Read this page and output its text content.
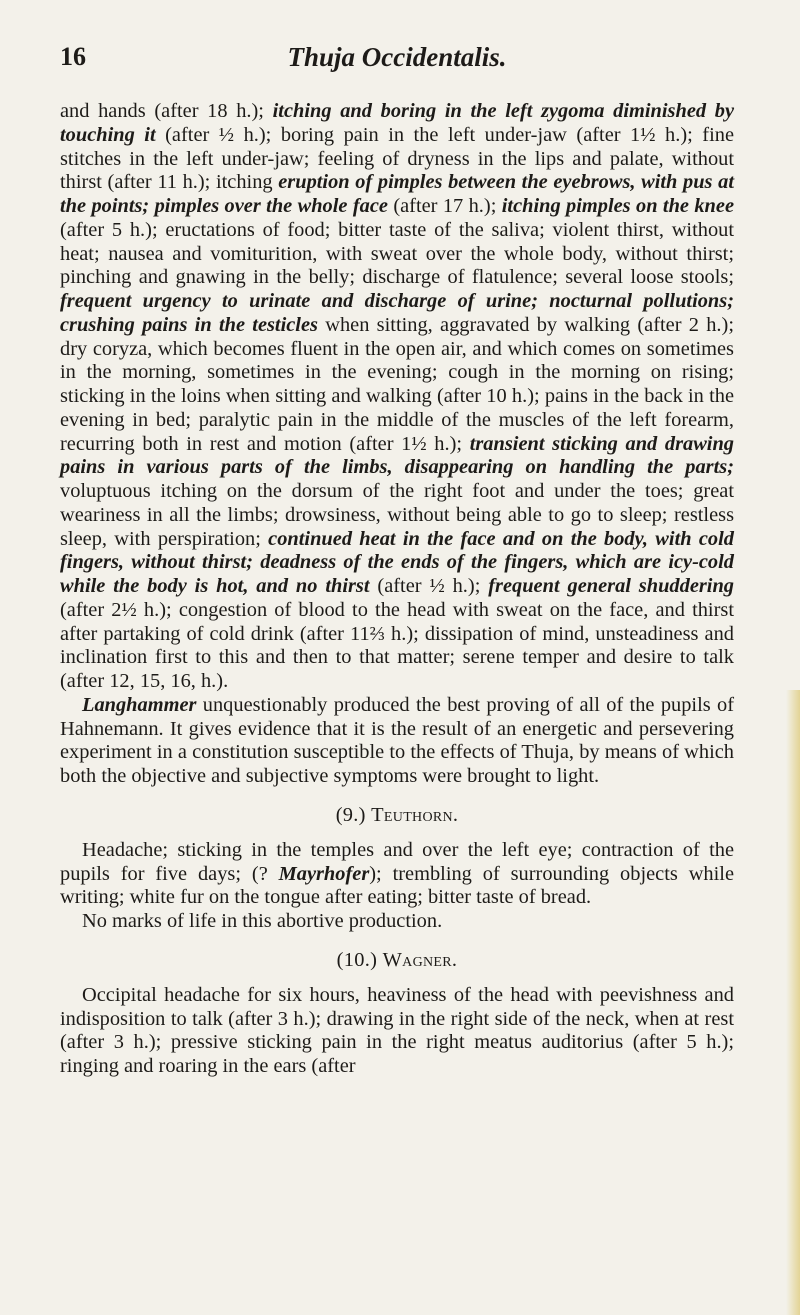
16	Thuja Occidentalis.

and hands (after 18 h.); itching and boring in the left zygoma diminished by touching it (after ½ h.); boring pain in the left under-jaw (after 1½ h.); fine stitches in the left under-jaw; feeling of dryness in the lips and palate, without thirst (after 11 h.); itching eruption of pimples between the eyebrows, with pus at the points; pimples over the whole face (after 17 h.); itching pimples on the knee (after 5 h.); eructations of food; bitter taste of the saliva; violent thirst, without heat; nausea and vomiturition, with sweat over the whole body, without thirst; pinching and gnawing in the belly; discharge of flatulence; several loose stools; frequent urgency to urinate and discharge of urine; nocturnal pollutions; crushing pains in the testicles when sitting, aggravated by walking (after 2 h.); dry coryza, which becomes fluent in the open air, and which comes on sometimes in the morning, sometimes in the evening; cough in the morning on rising; sticking in the loins when sitting and walking (after 10 h.); pains in the back in the evening in bed; paralytic pain in the middle of the muscles of the left forearm, recurring both in rest and motion (after 1½ h.); transient sticking and drawing pains in various parts of the limbs, disappearing on handling the parts; voluptuous itching on the dorsum of the right foot and under the toes; great weariness in all the limbs; drowsiness, without being able to go to sleep; restless sleep, with perspiration; continued heat in the face and on the body, with cold fingers, without thirst; deadness of the ends of the fingers, which are icy-cold while the body is hot, and no thirst (after ½ h.); frequent general shuddering (after 2½ h.); congestion of blood to the head with sweat on the face, and thirst after partaking of cold drink (after 11⅔ h.); dissipation of mind, unsteadiness and inclination first to this and then to that matter; serene temper and desire to talk (after 12, 15, 16, h.).

Langhammer unquestionably produced the best proving of all of the pupils of Hahnemann. It gives evidence that it is the result of an energetic and persevering experiment in a constitution susceptible to the effects of Thuja, by means of which both the objective and subjective symptoms were brought to light.

(9.) Teuthorn.

Headache; sticking in the temples and over the left eye; contraction of the pupils for five days; (? Mayrhofer); trembling of surrounding objects while writing; white fur on the tongue after eating; bitter taste of bread.

No marks of life in this abortive production.

(10.) Wagner.

Occipital headache for six hours, heaviness of the head with peevishness and indisposition to talk (after 3 h.); drawing in the right side of the neck, when at rest (after 3 h.); pressive sticking pain in the right meatus auditorius (after 5 h.); ringing and roaring in the ears (after
